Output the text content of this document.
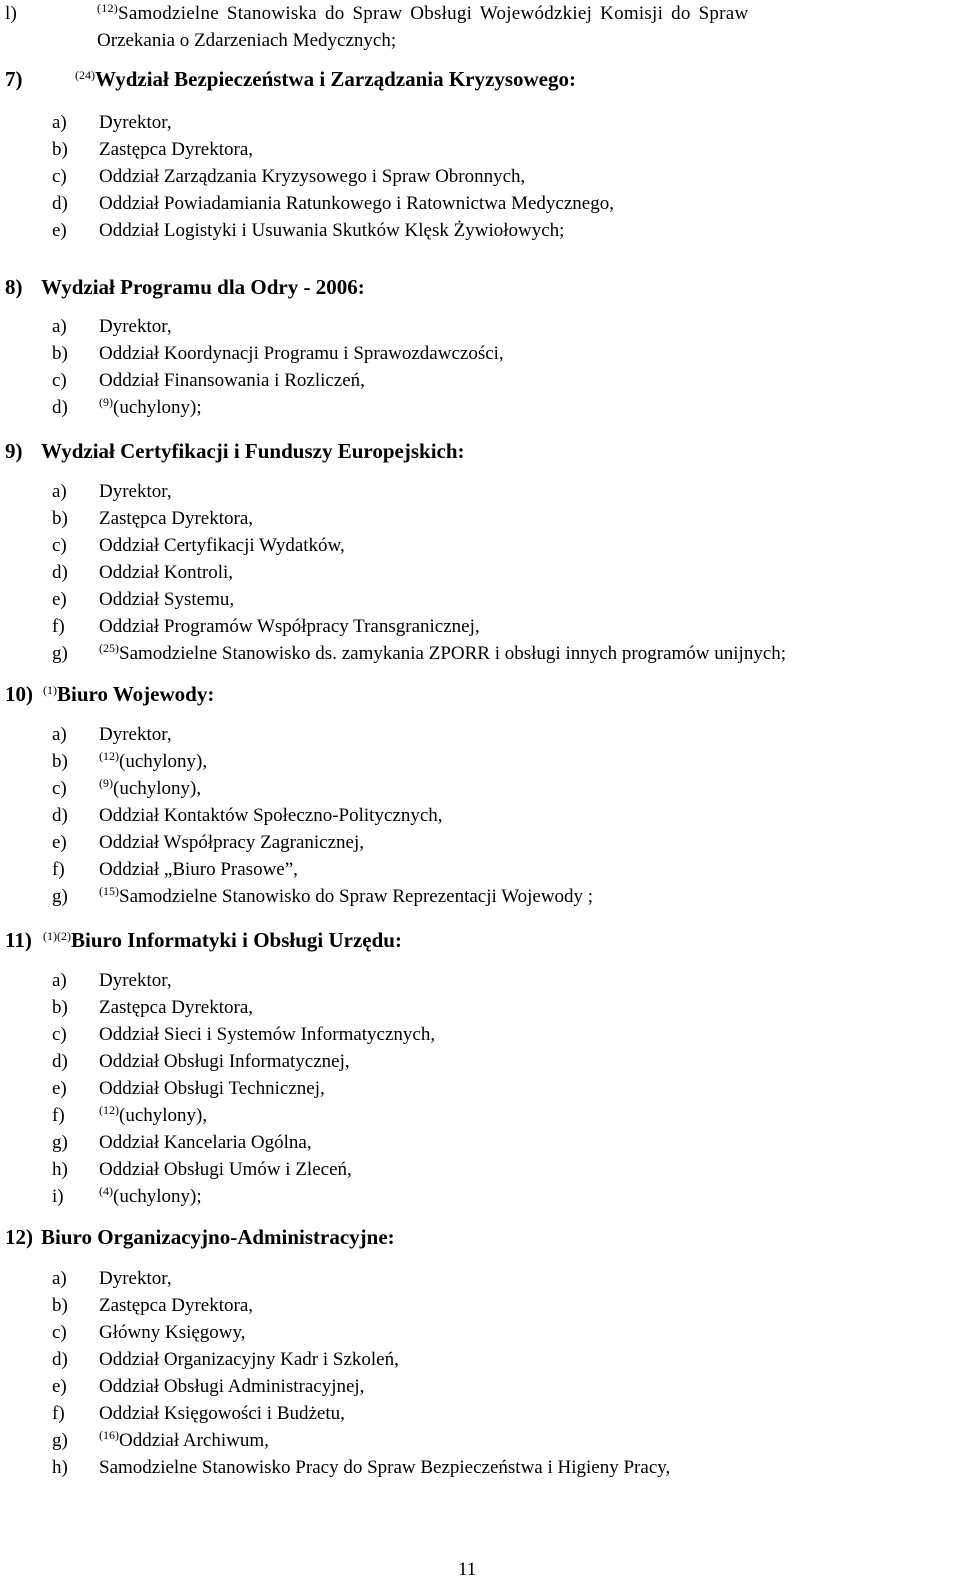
l)	$^{(12)}$Samodzielne Stanowiska do Spraw Obsługi Wojewódzkiej Komisji do Spraw
Orzekania o Zdarzeniach Medycznych;
7)	$^{(24)}$Wydział Bezpieczeństwa i Zarządzania Kryzysowego:
a) Dyrektor,
b) Zastępca Dyrektora,
c) Oddział Zarządzania Kryzysowego i Spraw Obronnych,
d) Oddział Powiadamiania Ratunkowego i Ratownictwa Medycznego,
e) Oddział Logistyki i Usuwania Skutków Klęsk Żywiołowych;
8) Wydział Programu dla Odry - 2006:
a) Dyrektor,
b) Oddział Koordynacji Programu i Sprawozdawczości,
c) Oddział Finansowania i Rozliczeń,
d)	$^{(9)}$(uchylony);
9) Wydział Certyfikacji i Funduszy Europejskich:
a) Dyrektor,
b) Zastępca Dyrektora,
c) Oddział Certyfikacji Wydatków,
d) Oddział Kontroli,
e) Oddział Systemu,
f) Oddział Programów Współpracy Transgranicznej,
g)	$^{(25)}$Samodzielne Stanowisko ds. zamykania ZPORR i obsługi innych programów unijnych;
10) $^{(1)}$Biuro Wojewody:
a) Dyrektor,
b)	$^{(12)}$(uchylony),
c)	$^{(9)}$(uchylony),
d) Oddział Kontaktów Społeczno-Politycznych,
e) Oddział Współpracy Zagranicznej,
f) Oddział „Biuro Prasowe”,
g)	$^{(15)}$Samodzielne Stanowisko do Spraw Reprezentacji Wojewody ;
11) $^{(1)(2)}$Biuro Informatyki i Obsługi Urzędu:
a) Dyrektor,
b) Zastępca Dyrektora,
c) Oddział Sieci i Systemów Informatycznych,
d) Oddział Obsługi Informatycznej,
e) Oddział Obsługi Technicznej,
f)	$^{(12)}$(uchylony),
g) Oddział Kancelaria Ogólna,
h) Oddział Obsługi Umów i Zleceń,
i)	$^{(4)}$(uchylony);
12) Biuro Organizacyjno-Administracyjne:
a) Dyrektor,
b) Zastępca Dyrektora,
c) Główny Księgowy,
d) Oddział Organizacyjny Kadr i Szkoleń,
e) Oddział Obsługi Administracyjnej,
f) Oddział Księgowości i Budżetu,
g)	$^{(16)}$Oddział Archiwum,
h) Samodzielne Stanowisko Pracy do Spraw Bezpieczeństwa i Higieny Pracy,
11
